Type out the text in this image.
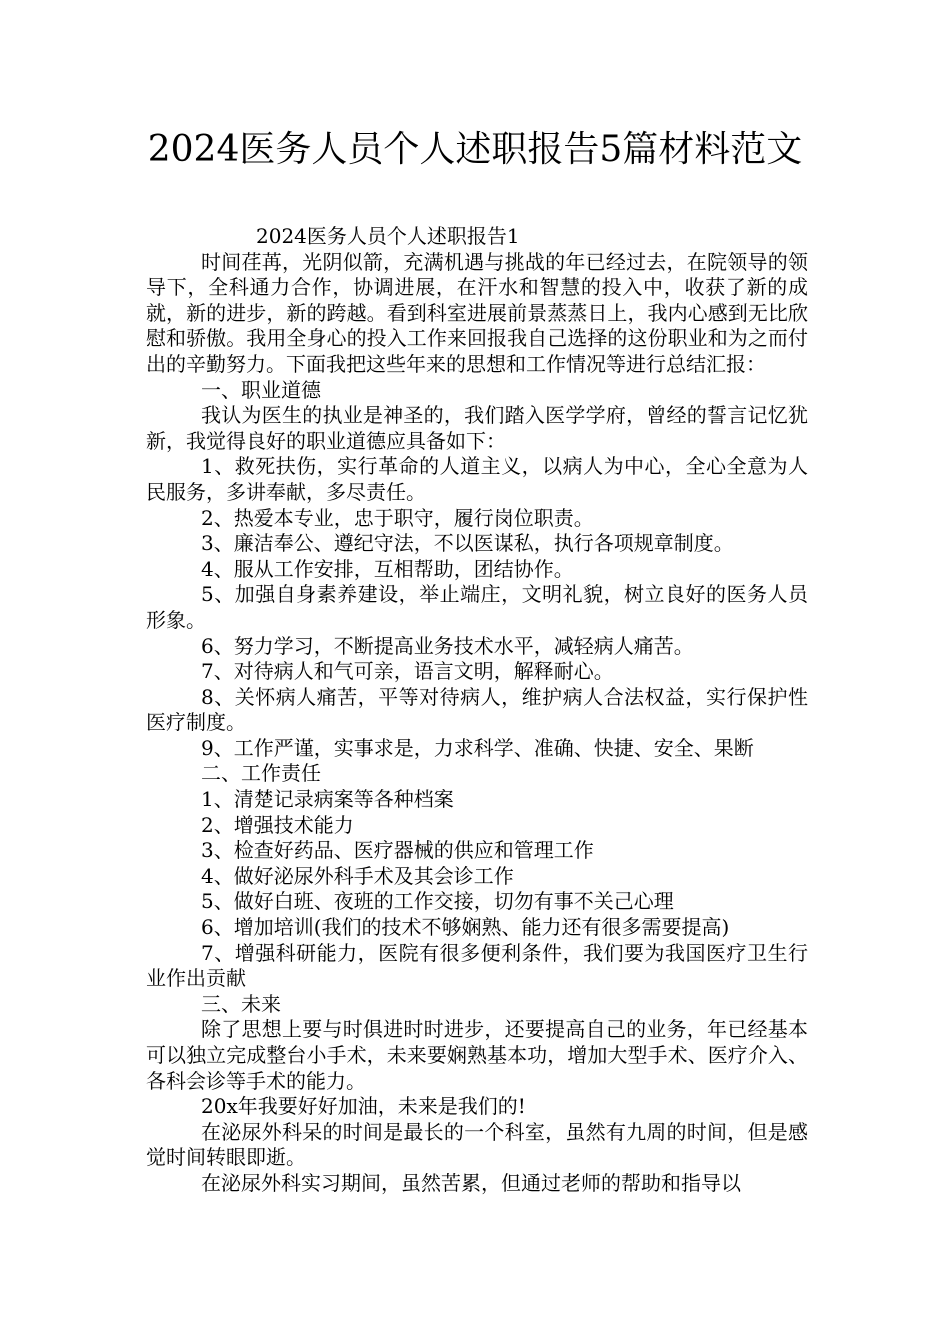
2024医务人员个人述职报告5篇材料范文

2024医务人员个人述职报告1

时间荏苒，光阴似箭，充满机遇与挑战的年已经过去，在院领导的领导下，全科通力合作，协调进展，在汗水和智慧的投入中，收获了新的成就，新的进步，新的跨越。看到科室进展前景蒸蒸日上，我内心感到无比欣慰和骄傲。我用全身心的投入工作来回报我自己选择的这份职业和为之而付出的辛勤努力。下面我把这些年来的思想和工作情况等进行总结汇报：

一、职业道德

我认为医生的执业是神圣的，我们踏入医学学府，曾经的誓言记忆犹新，我觉得良好的职业道德应具备如下：

1、救死扶伤，实行革命的人道主义，以病人为中心，全心全意为人民服务，多讲奉献，多尽责任。

2、热爱本专业，忠于职守，履行岗位职责。

3、廉洁奉公、遵纪守法，不以医谋私，执行各项规章制度。

4、服从工作安排，互相帮助，团结协作。

5、加强自身素养建设，举止端庄，文明礼貌，树立良好的医务人员形象。

6、努力学习，不断提高业务技术水平，减轻病人痛苦。

7、对待病人和气可亲，语言文明，解释耐心。

8、关怀病人痛苦，平等对待病人，维护病人合法权益，实行保护性医疗制度。

9、工作严谨，实事求是，力求科学、准确、快捷、安全、果断

二、工作责任

1、清楚记录病案等各种档案

2、增强技术能力

3、检查好药品、医疗器械的供应和管理工作

4、做好泌尿外科手术及其会诊工作

5、做好白班、夜班的工作交接，切勿有事不关己心理

6、增加培训(我们的技术不够娴熟、能力还有很多需要提高)

7、增强科研能力，医院有很多便利条件，我们要为我国医疗卫生行业作出贡献

三、未来

除了思想上要与时俱进时时进步，还要提高自己的业务，年已经基本可以独立完成整台小手术，未来要娴熟基本功，增加大型手术、医疗介入、各科会诊等手术的能力。

20x年我要好好加油，未来是我们的!

在泌尿外科呆的时间是最长的一个科室，虽然有九周的时间，但是感觉时间转眼即逝。

在泌尿外科实习期间，虽然苦累，但通过老师的帮助和指导以
